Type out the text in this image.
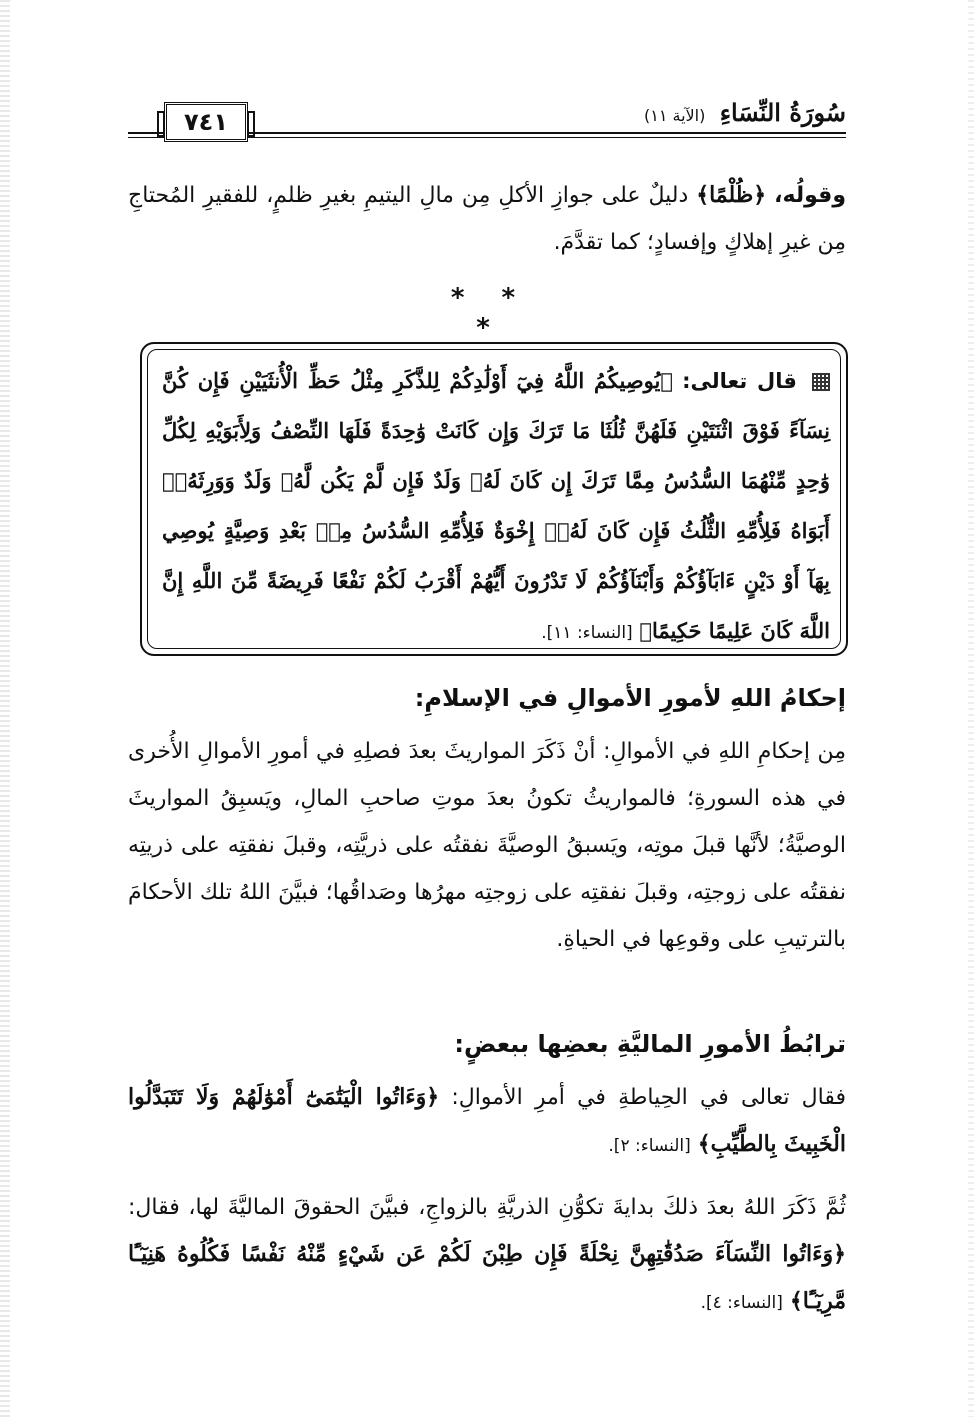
سُورَةُ النِّسَاءِ (الآية ١١)
٧٤١

وقولُه، ﴿ظُلْمًا﴾ دليلٌ على جوازِ الأكلِ مِن مالِ اليتيمِ بغيرِ ظلمٍ، للفقيرِ المُحتاجِ مِن غيرِ إهلاكٍ وإفسادٍ؛ كما تقدَّمَ.

* * *

قال تعالى: ﴿يُوصِيكُمُ اللَّهُ فِيٓ أَوْلَٰدِكُمْ لِلذَّكَرِ مِثْلُ حَظِّ الْأُنثَيَيْنِ فَإِن كُنَّ نِسَآءً فَوْقَ اثْنَتَيْنِ فَلَهُنَّ ثُلُثَا مَا تَرَكَ وَإِن كَانَتْ وَٰحِدَةً فَلَهَا النِّصْفُ وَلِأَبَوَيْهِ لِكُلِّ وَٰحِدٍ مِّنْهُمَا السُّدُسُ مِمَّا تَرَكَ إِن كَانَ لَهُۥ وَلَدٌ فَإِن لَّمْ يَكُن لَّهُۥ وَلَدٌ وَوَرِثَهُۥٓ أَبَوَاهُ فَلِأُمِّهِ الثُّلُثُ فَإِن كَانَ لَهُۥٓ إِخْوَةٌ فَلِأُمِّهِ السُّدُسُ مِنۢ بَعْدِ وَصِيَّةٍ يُوصِي بِهَآ أَوْ دَيْنٍ ءَابَآؤُكُمْ وَأَبْنَآؤُكُمْ لَا تَدْرُونَ أَيُّهُمْ أَقْرَبُ لَكُمْ نَفْعًا فَرِيضَةً مِّنَ اللَّهِ إِنَّ اللَّهَ كَانَ عَلِيمًا حَكِيمًا﴾ [النساء: ١١].

إحكامُ اللهِ لأمورِ الأموالِ في الإسلامِ:

مِن إحكامِ اللهِ في الأموالِ: أنْ ذَكَرَ المواريثَ بعدَ فصلِهِ في أمورِ الأموالِ الأُخرى في هذه السورةِ؛ فالمواريثُ تكونُ بعدَ موتِ صاحبِ المالِ، ويَسبِقُ المواريثَ الوصيَّةُ؛ لأنَّها قبلَ موتِه، ويَسبقُ الوصيَّةَ نفقتُه على ذريَّتِه، وقبلَ نفقتِه على ذريتِه نفقتُه على زوجتِه، وقبلَ نفقتِه على زوجتِه مهرُها وصَداقُها؛ فبيَّنَ اللهُ تلك الأحكامَ بالترتيبِ على وقوعِها في الحياةِ.

ترابُطُ الأمورِ الماليَّةِ بعضِها ببعضٍ:

فقال تعالى في الحِياطةِ في أمرِ الأموالِ: ﴿وَءَاتُوا الْيَتَٰمَىٰٓ أَمْوَٰلَهُمْ وَلَا تَتَبَدَّلُوا الْخَبِيثَ بِالطَّيِّبِ﴾ [النساء: ٢].

ثُمَّ ذَكَرَ اللهُ بعدَ ذلكَ بدايةَ تكوُّنِ الذريَّةِ بالزواجِ، فبيَّنَ الحقوقَ الماليَّةَ لها، فقال: ﴿وَءَاتُوا النِّسَآءَ صَدُقَٰتِهِنَّ نِحْلَةً فَإِن طِبْنَ لَكُمْ عَن شَيْءٍ مِّنْهُ نَفْسًا فَكُلُوهُ هَنِيٓـًٔا مَّرِيٓـًٔا﴾ [النساء: ٤].
